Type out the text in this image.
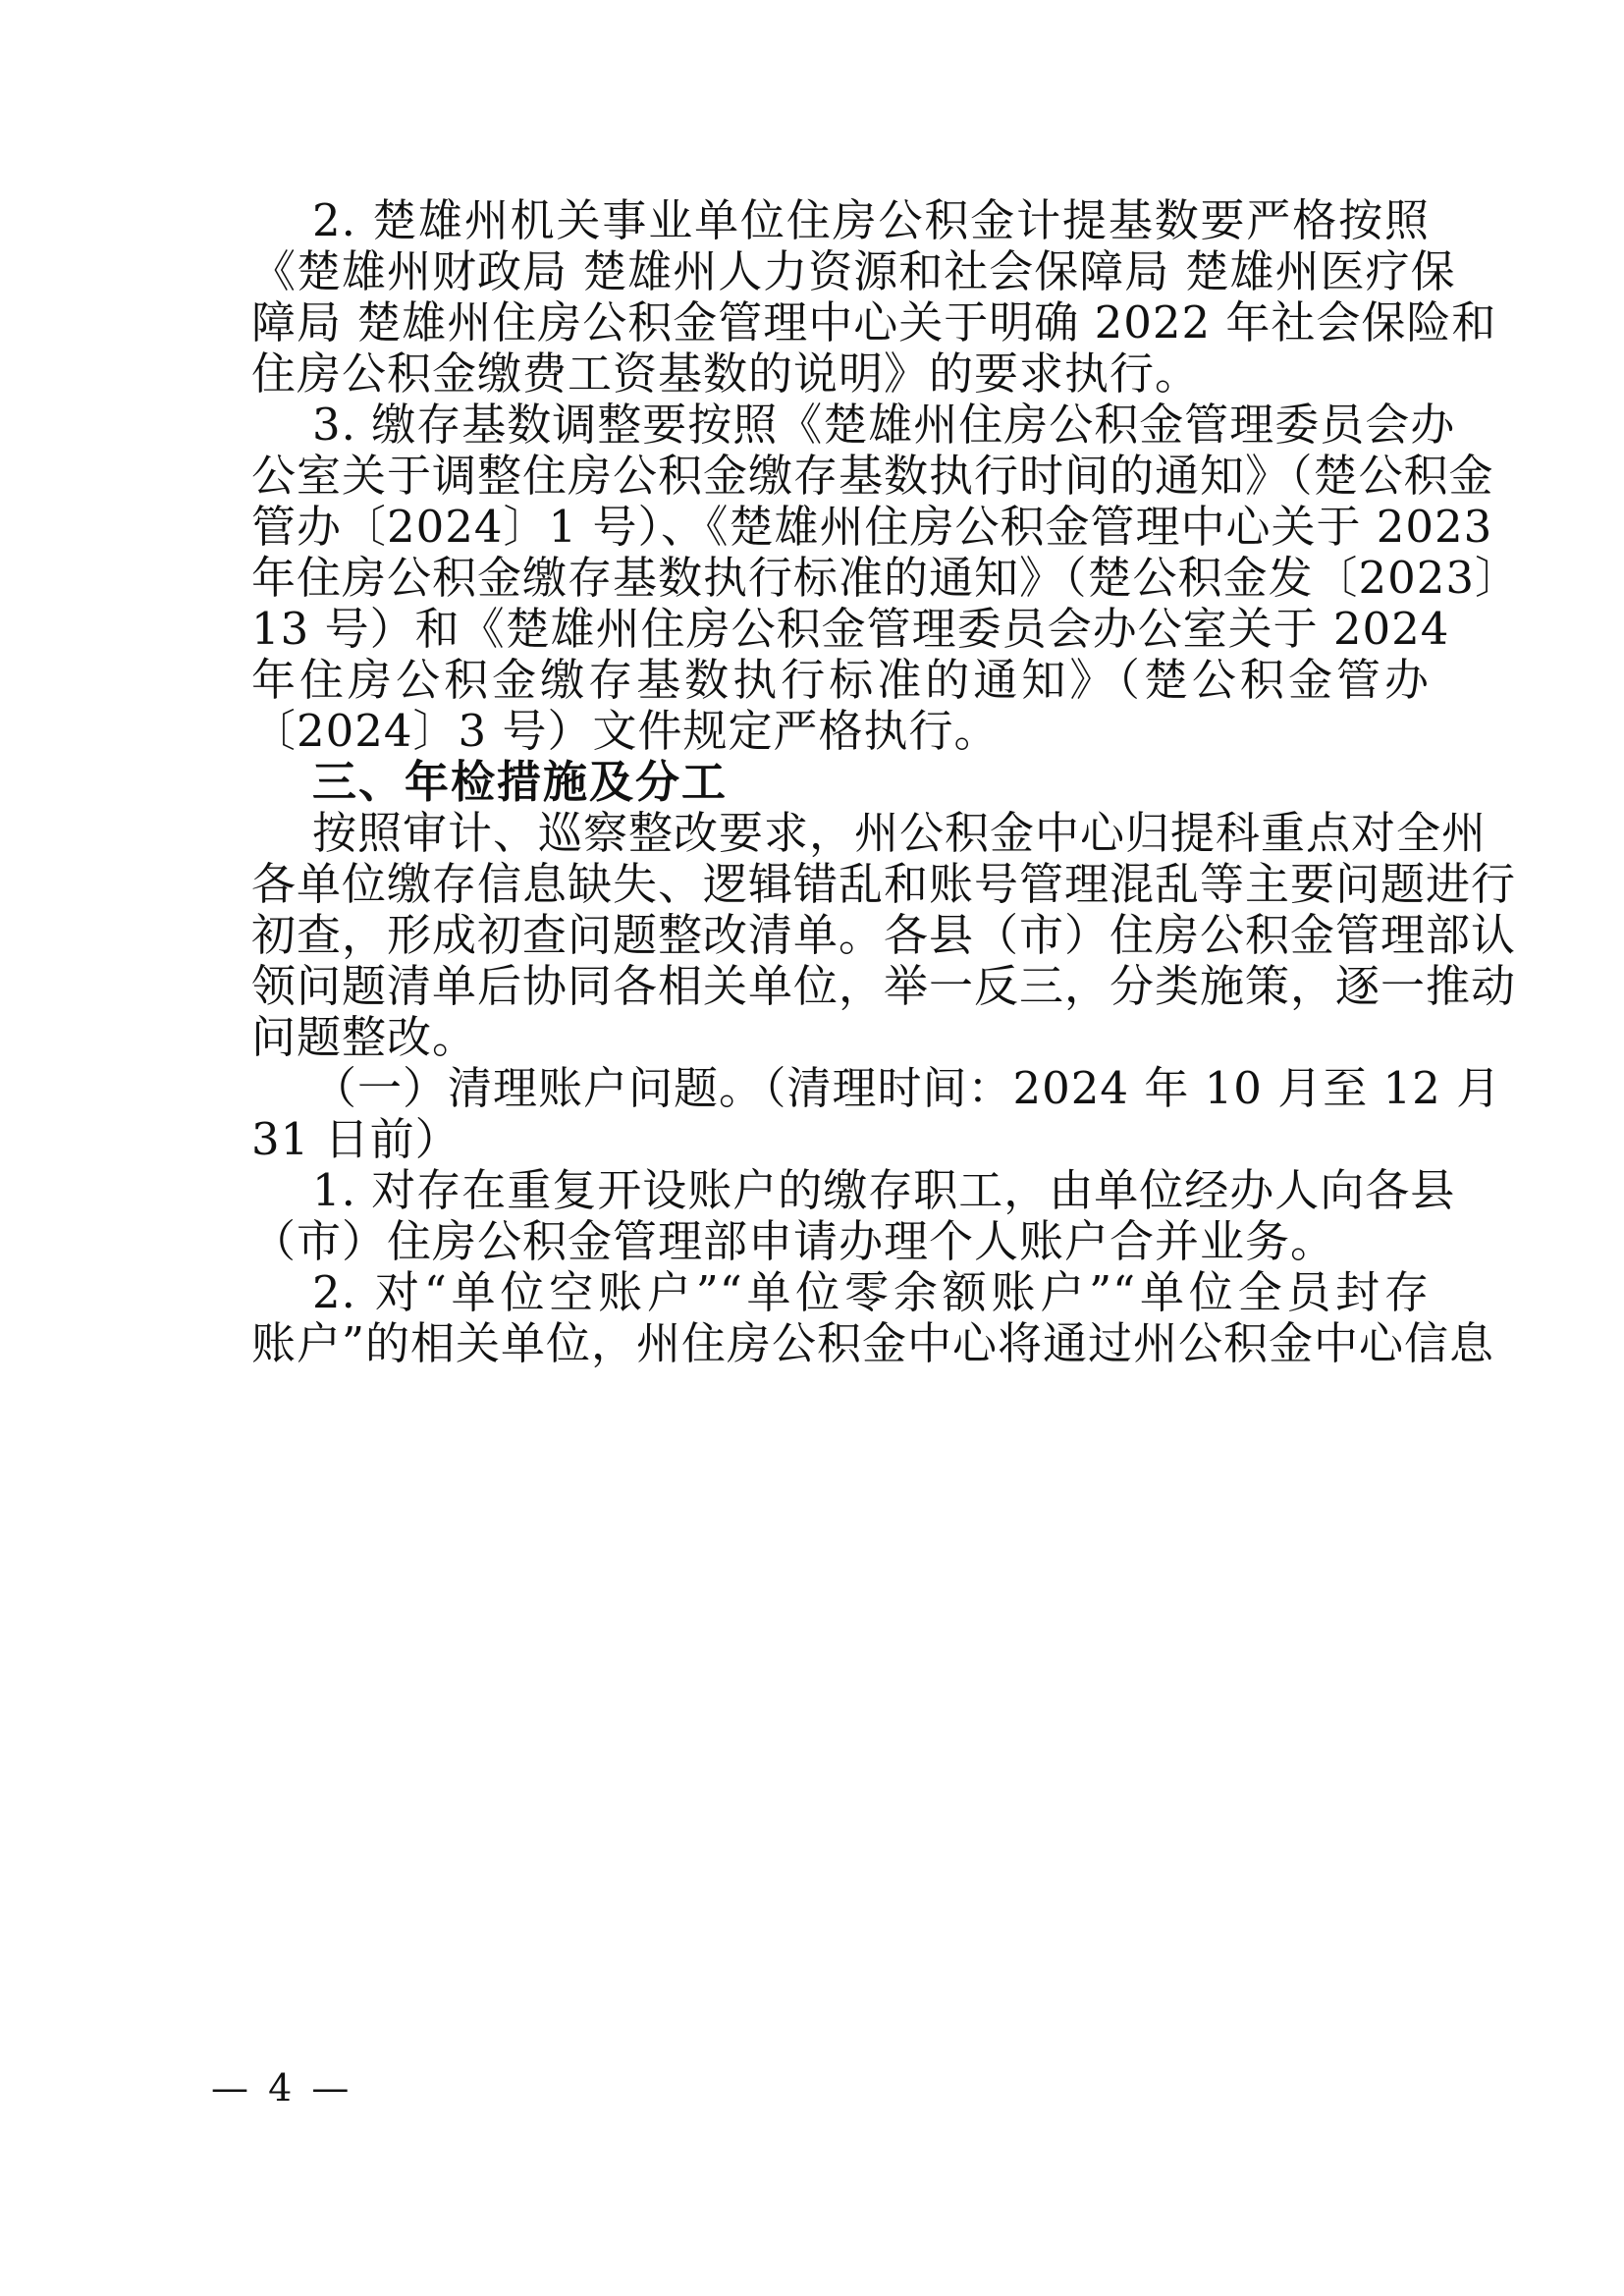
2. 楚雄州机关事业单位住房公积金计提基数要严格按照
《楚雄州财政局 楚雄州人力资源和社会保障局 楚雄州医疗保
障局 楚雄州住房公积金管理中心关于明确 2022 年社会保险和
住房公积金缴费工资基数的说明》的要求执行。
3. 缴存基数调整要按照《楚雄州住房公积金管理委员会办
公室关于调整住房公积金缴存基数执行时间的通知》（楚公积金
管办〔2024〕1 号）、《楚雄州住房公积金管理中心关于 2023
年住房公积金缴存基数执行标准的通知》（楚公积金发〔2023〕
13 号）和《楚雄州住房公积金管理委员会办公室关于 2024
年住房公积金缴存基数执行标准的通知》（楚公积金管办
〔2024〕3 号）文件规定严格执行。
三、年检措施及分工
按照审计、巡察整改要求，州公积金中心归提科重点对全州
各单位缴存信息缺失、逻辑错乱和账号管理混乱等主要问题进行
初查，形成初查问题整改清单。各县（市）住房公积金管理部认
领问题清单后协同各相关单位，举一反三，分类施策，逐一推动
问题整改。
（一）清理账户问题。（清理时间：2024 年 10 月至 12 月
31 日前）
1. 对存在重复开设账户的缴存职工，由单位经办人向各县
（市）住房公积金管理部申请办理个人账户合并业务。
2. 对“单位空账户”“单位零余额账户”“单位全员封存
账户”的相关单位，州住房公积金中心将通过州公积金中心信息
— 4 —
